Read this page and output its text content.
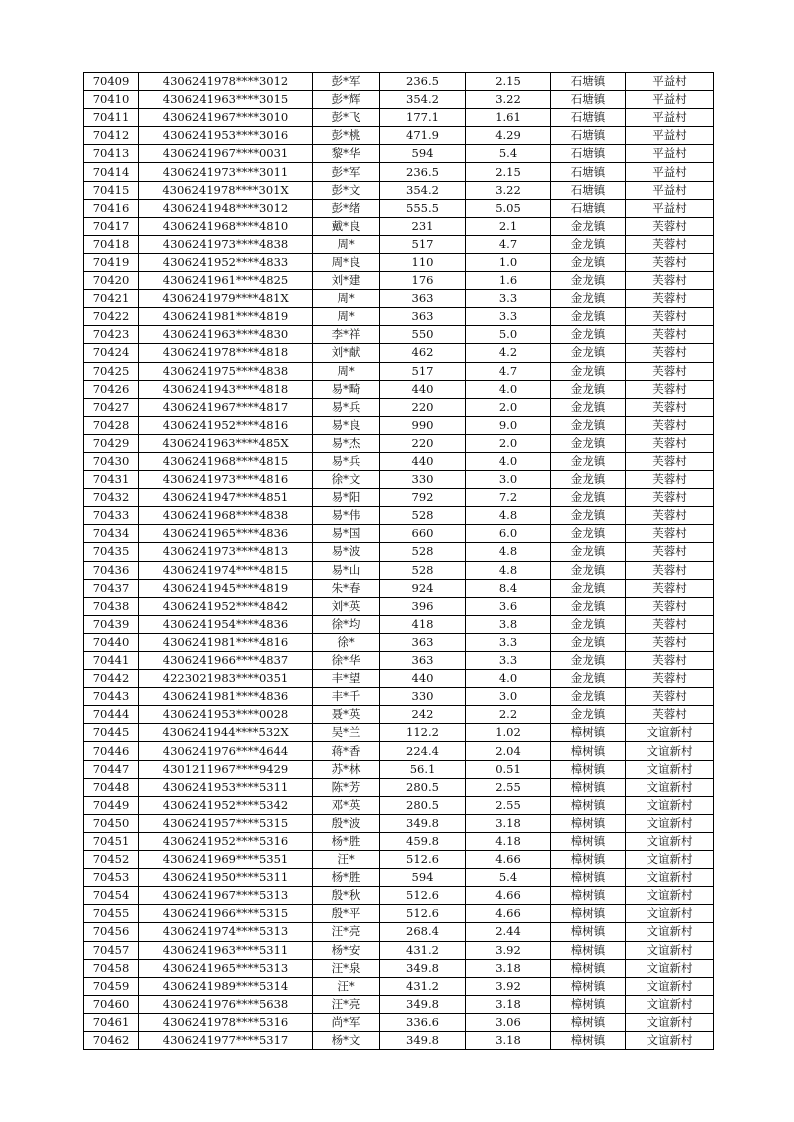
70409	4306241978****3012	彭*军	236.5	2.15	石塘镇	平益村
70410	4306241963****3015	彭*辉	354.2	3.22	石塘镇	平益村
70411	4306241967****3010	彭*飞	177.1	1.61	石塘镇	平益村
70412	4306241953****3016	彭*桃	471.9	4.29	石塘镇	平益村
70413	4306241967****0031	黎*华	594	5.4	石塘镇	平益村
70414	4306241973****3011	彭*军	236.5	2.15	石塘镇	平益村
70415	4306241978****301X	彭*文	354.2	3.22	石塘镇	平益村
70416	4306241948****3012	彭*绪	555.5	5.05	石塘镇	平益村
70417	4306241968****4810	戴*良	231	2.1	金龙镇	芙蓉村
70418	4306241973****4838	周*	517	4.7	金龙镇	芙蓉村
70419	4306241952****4833	周*良	110	1.0	金龙镇	芙蓉村
70420	4306241961****4825	刘*建	176	1.6	金龙镇	芙蓉村
70421	4306241979****481X	周*	363	3.3	金龙镇	芙蓉村
70422	4306241981****4819	周*	363	3.3	金龙镇	芙蓉村
70423	4306241963****4830	李*祥	550	5.0	金龙镇	芙蓉村
70424	4306241978****4818	刘*献	462	4.2	金龙镇	芙蓉村
70425	4306241975****4838	周*	517	4.7	金龙镇	芙蓉村
70426	4306241943****4818	易*畸	440	4.0	金龙镇	芙蓉村
70427	4306241967****4817	易*兵	220	2.0	金龙镇	芙蓉村
70428	4306241952****4816	易*良	990	9.0	金龙镇	芙蓉村
70429	4306241963****485X	易*杰	220	2.0	金龙镇	芙蓉村
70430	4306241968****4815	易*兵	440	4.0	金龙镇	芙蓉村
70431	4306241973****4816	徐*文	330	3.0	金龙镇	芙蓉村
70432	4306241947****4851	易*阳	792	7.2	金龙镇	芙蓉村
70433	4306241968****4838	易*伟	528	4.8	金龙镇	芙蓉村
70434	4306241965****4836	易*国	660	6.0	金龙镇	芙蓉村
70435	4306241973****4813	易*波	528	4.8	金龙镇	芙蓉村
70436	4306241974****4815	易*山	528	4.8	金龙镇	芙蓉村
70437	4306241945****4819	朱*春	924	8.4	金龙镇	芙蓉村
70438	4306241952****4842	刘*英	396	3.6	金龙镇	芙蓉村
70439	4306241954****4836	徐*均	418	3.8	金龙镇	芙蓉村
70440	4306241981****4816	徐*	363	3.3	金龙镇	芙蓉村
70441	4306241966****4837	徐*华	363	3.3	金龙镇	芙蓉村
70442	4223021983****0351	丰*望	440	4.0	金龙镇	芙蓉村
70443	4306241981****4836	丰*千	330	3.0	金龙镇	芙蓉村
70444	4306241953****0028	聂*英	242	2.2	金龙镇	芙蓉村
70445	4306241944****532X	吴*兰	112.2	1.02	樟树镇	文谊新村
70446	4306241976****4644	蒋*香	224.4	2.04	樟树镇	文谊新村
70447	4301211967****9429	苏*林	56.1	0.51	樟树镇	文谊新村
70448	4306241953****5311	陈*芳	280.5	2.55	樟树镇	文谊新村
70449	4306241952****5342	邓*英	280.5	2.55	樟树镇	文谊新村
70450	4306241957****5315	殷*波	349.8	3.18	樟树镇	文谊新村
70451	4306241952****5316	杨*胜	459.8	4.18	樟树镇	文谊新村
70452	4306241969****5351	汪*	512.6	4.66	樟树镇	文谊新村
70453	4306241950****5311	杨*胜	594	5.4	樟树镇	文谊新村
70454	4306241967****5313	殷*秋	512.6	4.66	樟树镇	文谊新村
70455	4306241966****5315	殷*平	512.6	4.66	樟树镇	文谊新村
70456	4306241974****5313	汪*亮	268.4	2.44	樟树镇	文谊新村
70457	4306241963****5311	杨*安	431.2	3.92	樟树镇	文谊新村
70458	4306241965****5313	汪*泉	349.8	3.18	樟树镇	文谊新村
70459	4306241989****5314	汪*	431.2	3.92	樟树镇	文谊新村
70460	4306241976****5638	汪*亮	349.8	3.18	樟树镇	文谊新村
70461	4306241978****5316	尚*军	336.6	3.06	樟树镇	文谊新村
70462	4306241977****5317	杨*文	349.8	3.18	樟树镇	文谊新村
